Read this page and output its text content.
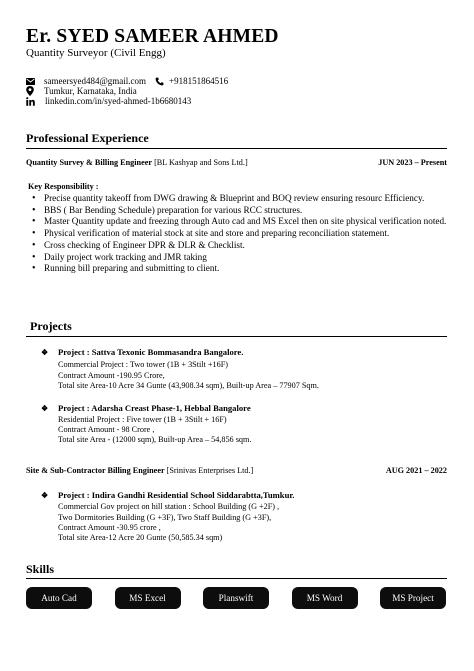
Er. SYED SAMEER AHMED
Quantity Surveyor (Civil Engg)
sameersyed484@gmail.com	+918151864516
Tumkur, Karnataka, India
linkedin.com/in/syed-ahmed-1b6680143
Professional Experience
Quantity Survey & Billing Engineer [BL Kashyap and Sons Ltd.]	JUN 2023 – Present
Key Responsibility :
• Precise quantity takeoff from DWG drawing & Blueprint and BOQ review ensuring resourc Efficiency.
• BBS ( Bar Bending Schedule) preparation for various RCC structures.
• Master Quantity update and freezing through Auto cad and MS Excel then on site physical verification noted.
• Physical verification of material stock at site and store and preparing reconciliation statement.
• Cross checking of Engineer DPR & DLR & Checklist.
• Daily project work tracking and JMR taking
• Running bill preparing and submitting to client.
Projects
❖ Project : Sattva Texonic Bommasandra Bangalore.
Commercial Project : Two tower (1B + 3Stilt +16F)
Contract Amount -190.95 Crore,
Total site Area-10 Acre 34 Gunte (43,908.34 sqm), Built-up Area – 77907 Sqm.
❖ Project : Adarsha Creast Phase-1, Hebbal Bangalore
Residential Project : Five tower (1B + 3Stilt + 16F)
Contract Amount - 98 Crore ,
Total site Area - (12000 sqm), Built-up Area – 54,856 sqm.
Site & Sub-Contractor Billing Engineer [Srinivas Enterprises Ltd.]	AUG 2021 – 2022
❖ Project : Indira Gandhi Residential School Siddarabtta,Tumkur.
Commercial Gov project on hill station : School Building (G +2F) ,
Two Dormitories Building (G +3F), Two Staff Building (G +3F),
Contract Amount -30.95 crore ,
Total site Area-12 Acre 20 Gunte (50,585.34 sqm)
Skills
Auto Cad	MS Excel	Planswift	MS Word	MS Project
